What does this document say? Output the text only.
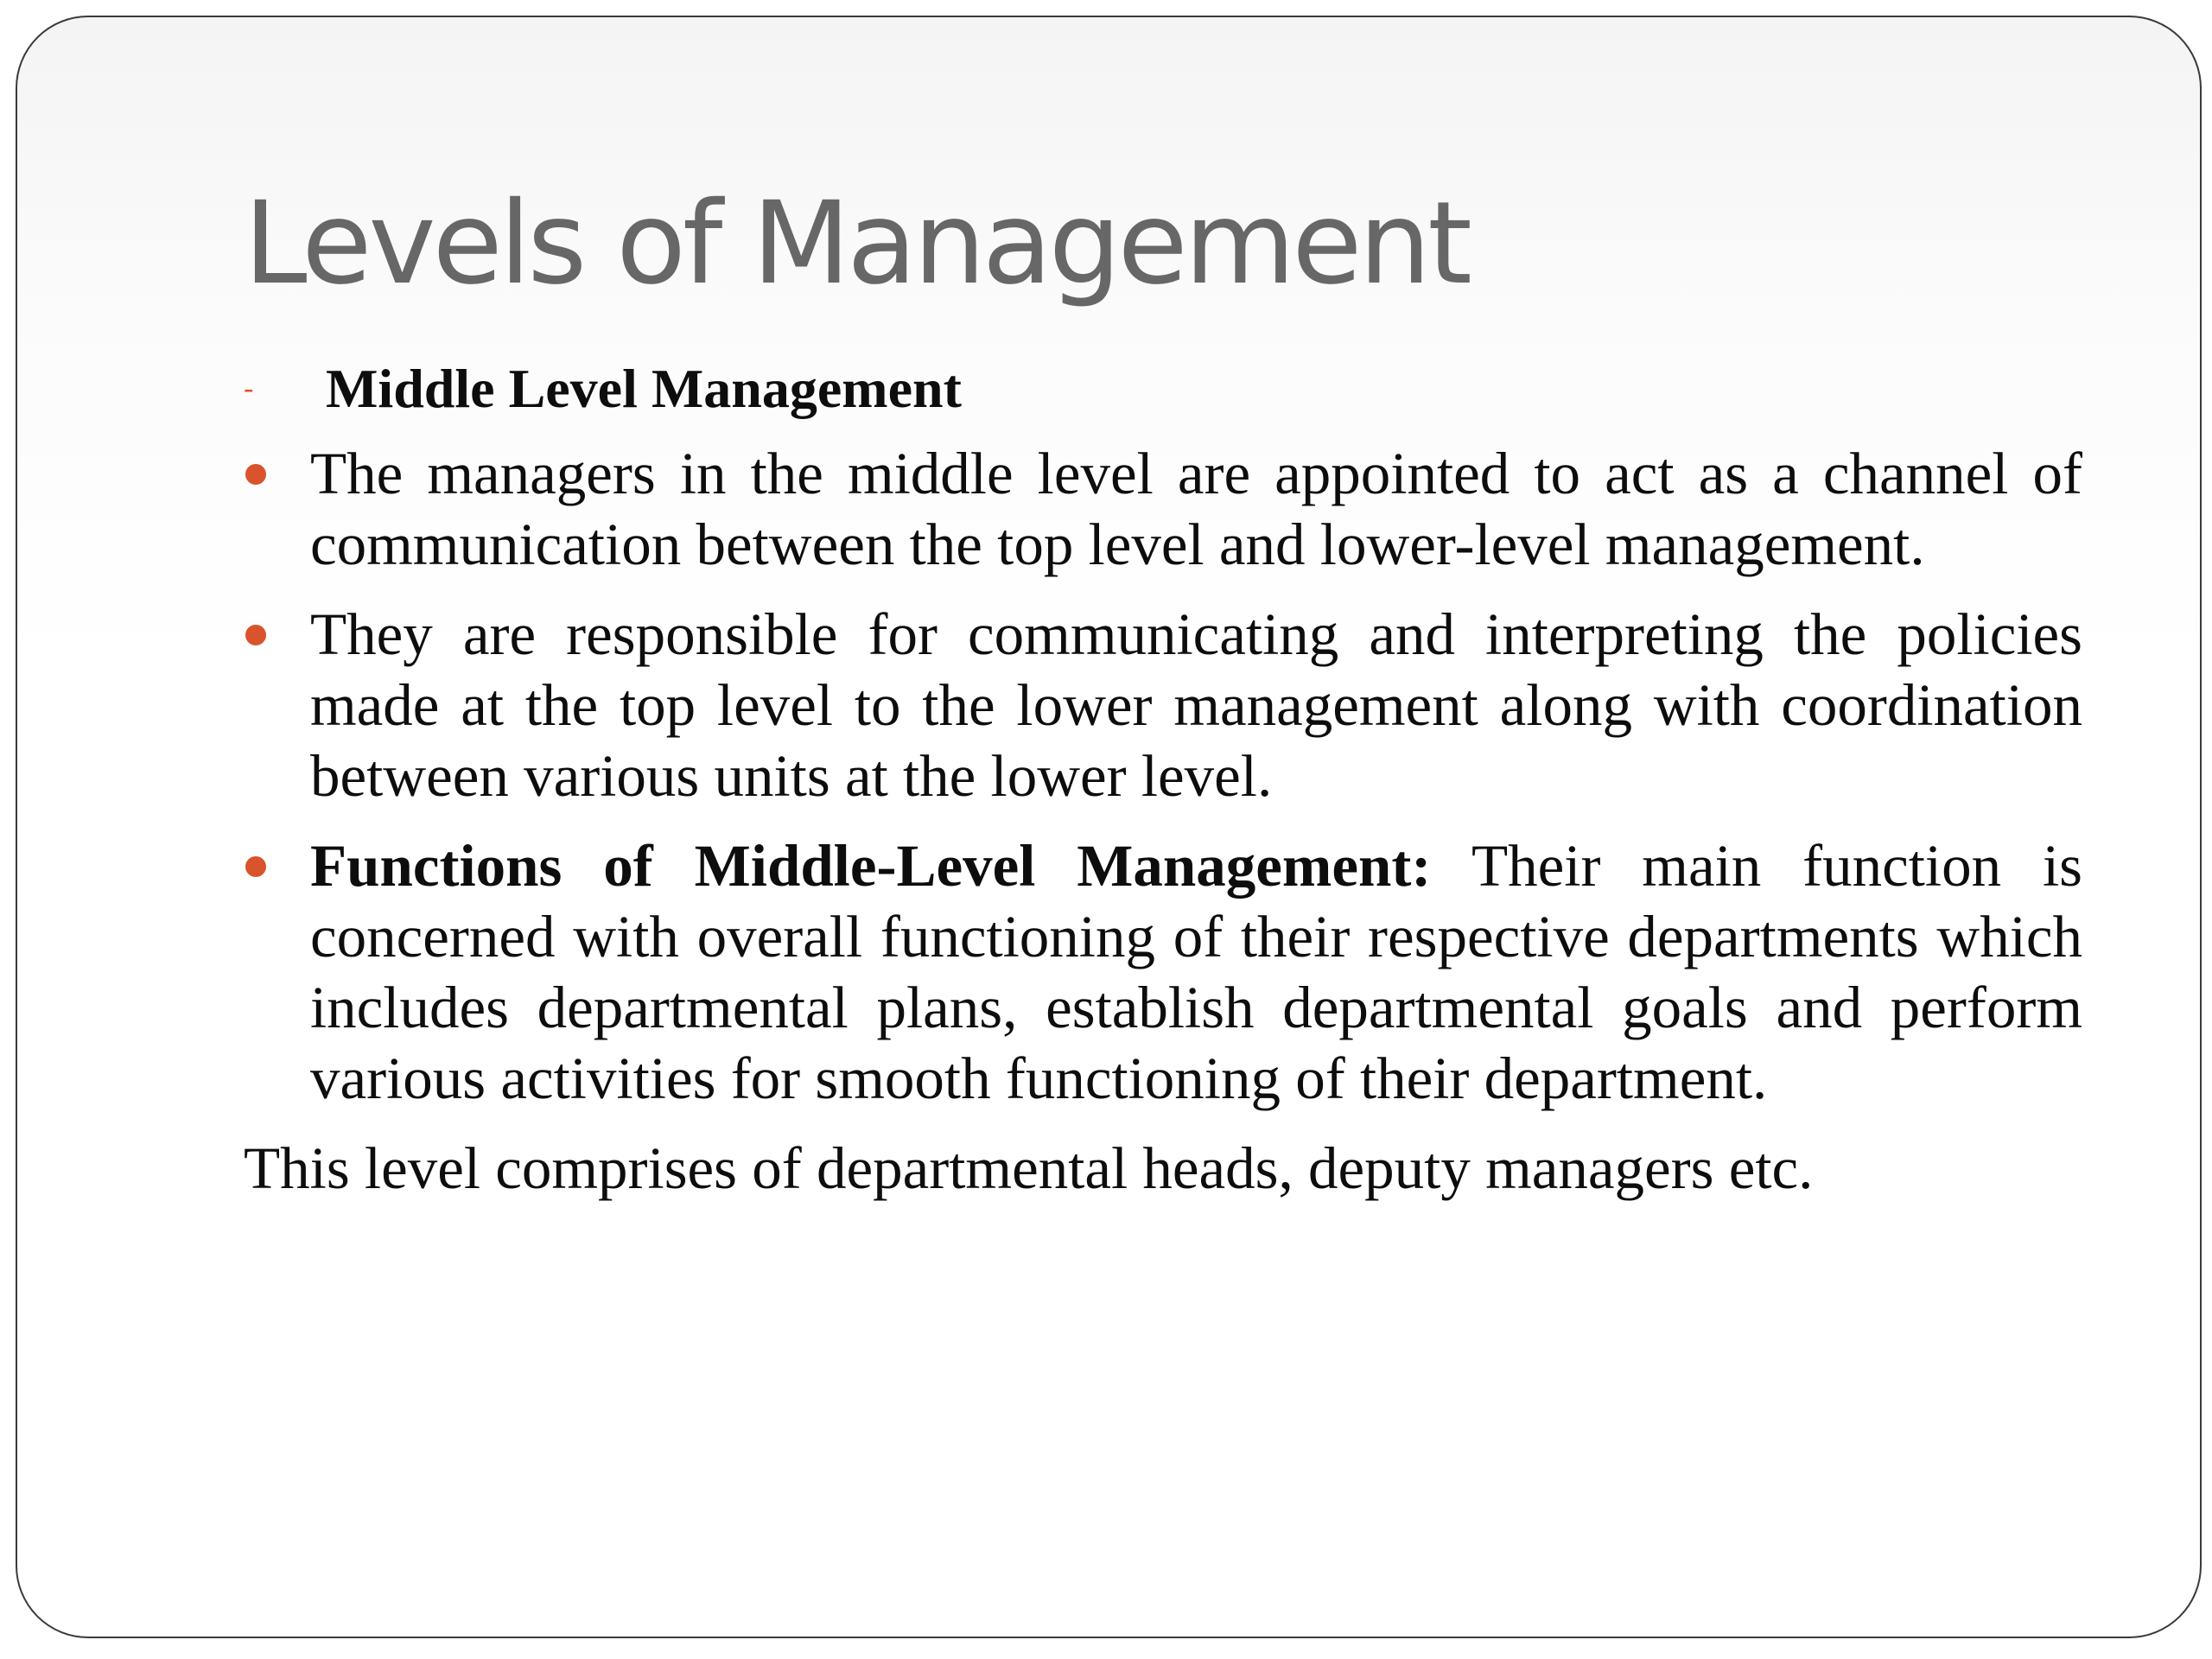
Levels of Management
-	Middle Level Management
The managers in the middle level are appointed to act as a channel of communication between the top level and lower-level management.
They are responsible for communicating and interpreting the policies made at the top level to the lower management along with coordination between various units at the lower level.
Functions of Middle-Level Management: Their main function is concerned with overall functioning of their respective departments which includes departmental plans, establish departmental goals and perform various activities for smooth functioning of their department.

This level comprises of departmental heads, deputy managers etc.
